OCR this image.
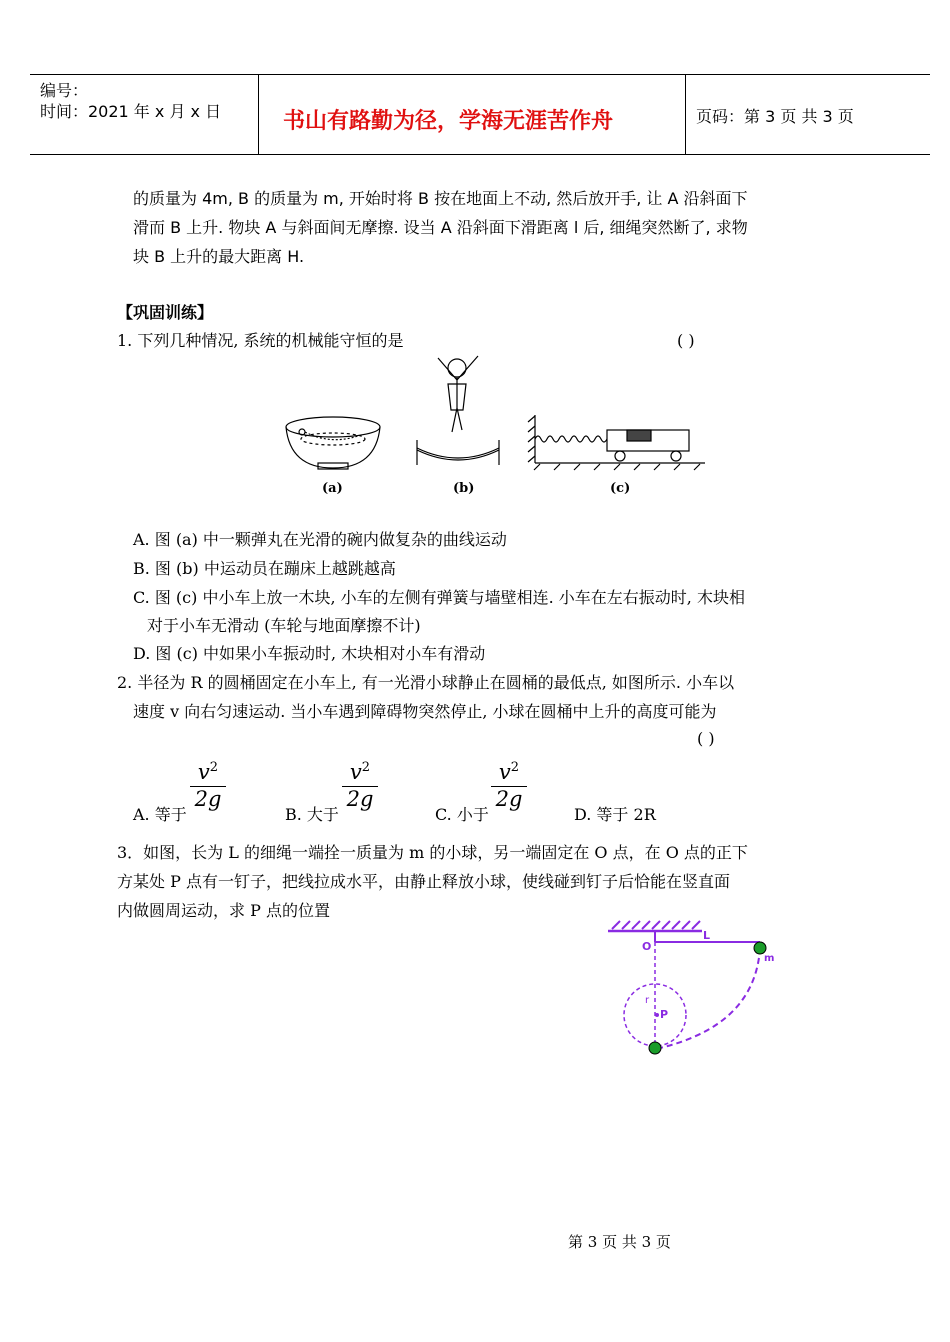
编号：
时间：2021 年 x 月 x 日	书山有路勤为径，学海无涯苦作舟	页码：第 3 页 共 3 页
的质量为 4m, B 的质量为 m, 开始时将 B 按在地面上不动, 然后放开手, 让 A 沿斜面下
滑而 B 上升. 物块 A 与斜面间无摩擦. 设当 A 沿斜面下滑距离 l 后, 细绳突然断了, 求物
块 B 上升的最大距离 H.
【巩固训练】
1. 下列几种情况, 系统的机械能守恒的是	( )
(a)	(b)	(c)
A. 图 (a) 中一颗弹丸在光滑的碗内做复杂的曲线运动
B. 图 (b) 中运动员在蹦床上越跳越高
C. 图 (c) 中小车上放一木块, 小车的左侧有弹簧与墙壁相连. 小车在左右振动时, 木块相
对于小车无滑动 (车轮与地面摩擦不计)
D. 图 (c) 中如果小车振动时, 木块相对小车有滑动
2. 半径为 R 的圆桶固定在小车上, 有一光滑小球静止在圆桶的最低点, 如图所示. 小车以
速度 v 向右匀速运动. 当小车遇到障碍物突然停止, 小球在圆桶中上升的高度可能为
( )
A. 等于
$\frac{v^2}{2g}$
B. 大于
$\frac{v^2}{2g}$
C. 小于
$\frac{v^2}{2g}$
D. 等于 2R
3．如图，长为 L 的细绳一端拴一质量为 m 的小球，另一端固定在 O 点，在 O 点的正下
方某处 P 点有一钉子，把线拉成水平，由静止释放小球，使线碰到钉子后恰能在竖直面
内做圆周运动，求 P 点的位置
O
L
m
r
P
第 3 页 共 3 页
